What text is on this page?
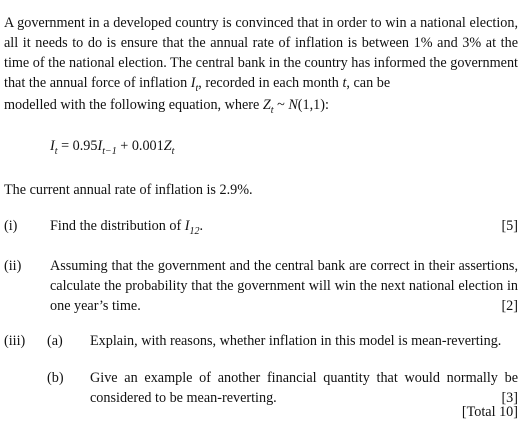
A government in a developed country is convinced that in order to win a national election, all it needs to do is ensure that the annual rate of inflation is between 1% and 3% at the time of the national election. The central bank in the country has informed the government that the annual force of inflation $I_t$, recorded in each month t, can be

modelled with the following equation, where $Z_t$ ~ N(1,1):

$I_t = 0.95I_{t-1} + 0.001Z_t$
The current annual rate of inflation is 2.9%.
(i)	[5]
Find the distribution of $I_{12}$.
(ii) Assuming that the government and the central bank are correct in their assertions, calculate the probability that the government will win the next national election in one year’s time.	[2]
(iii) (a) Explain, with reasons, whether inflation in this model is mean-reverting.
(b) Give an example of another financial quantity that would normally be considered to be mean-reverting.	[3]
[Total 10]
